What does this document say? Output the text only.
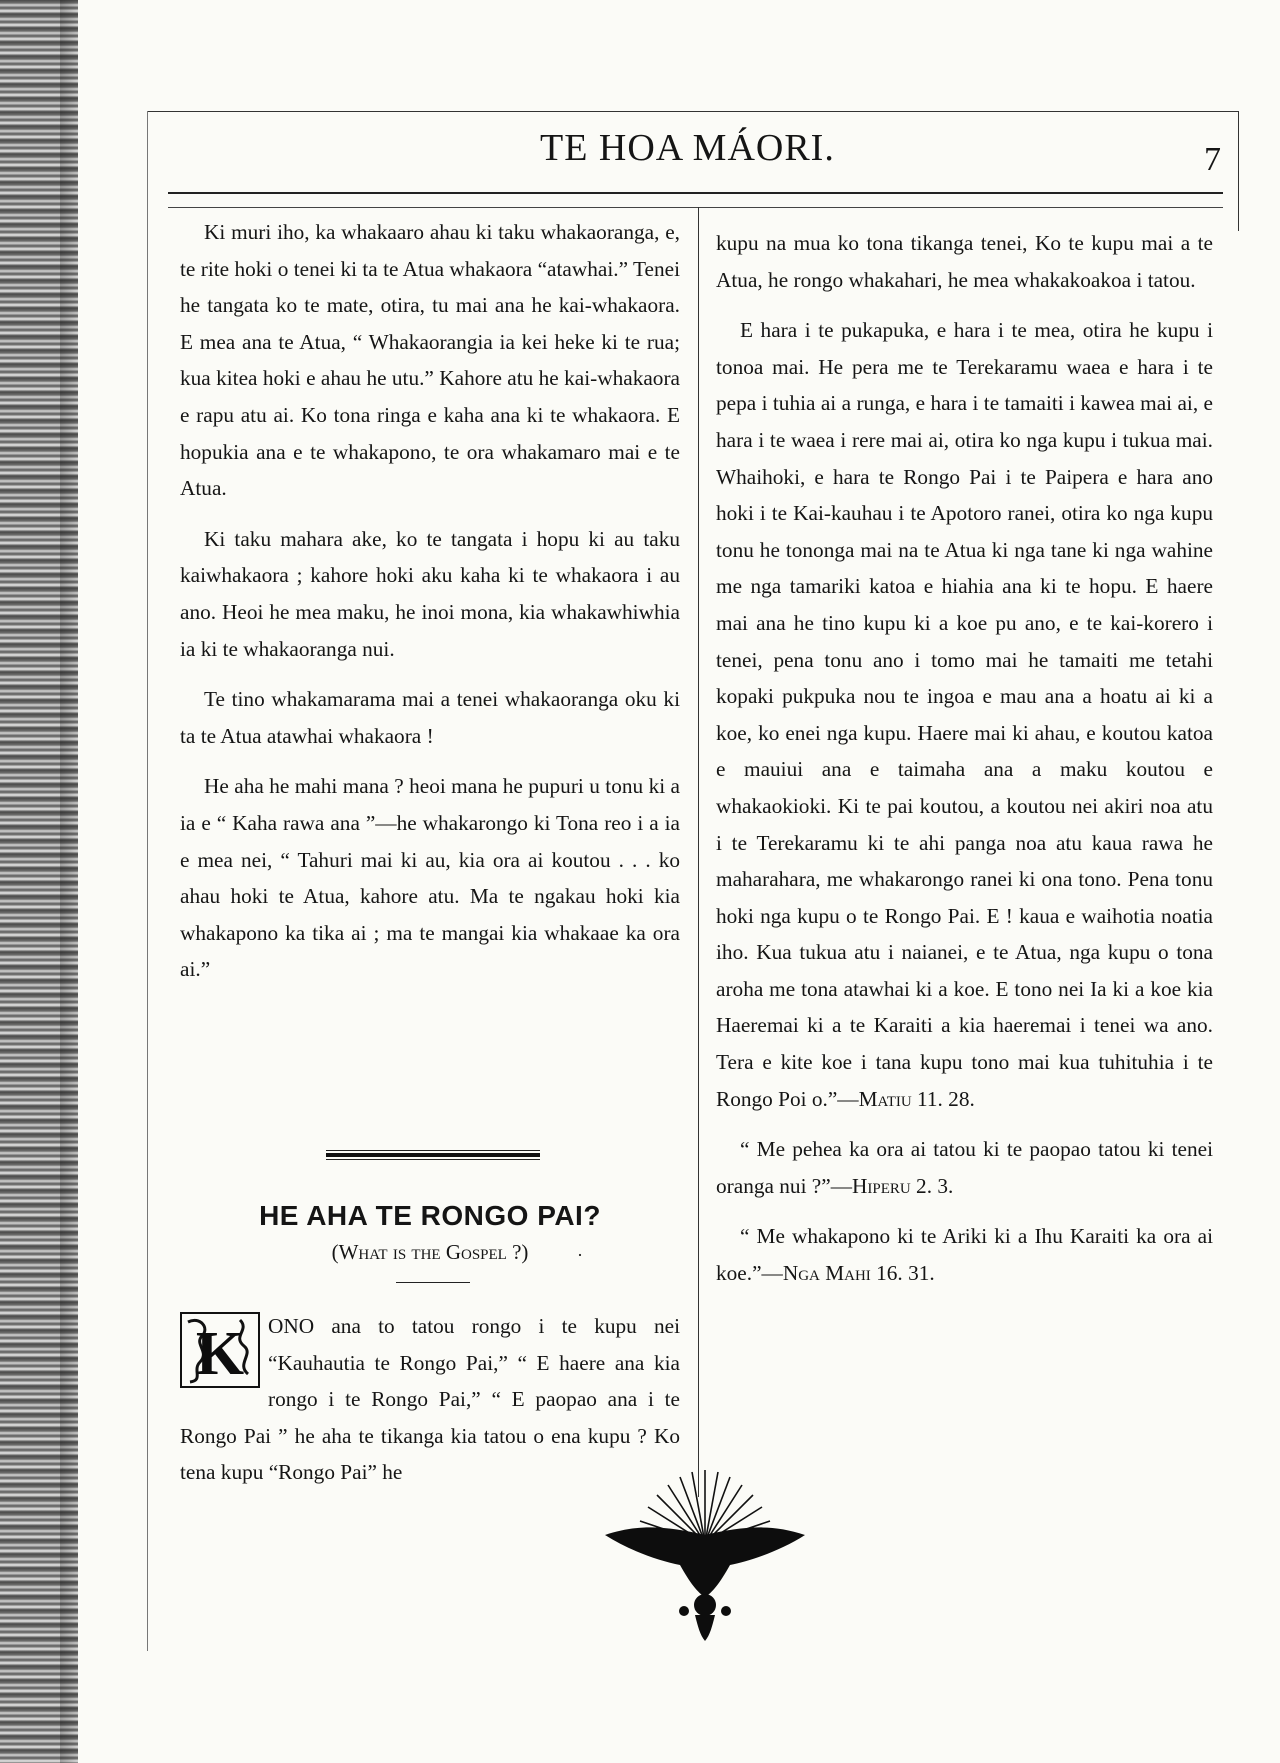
TE HOA MÁORI.	7

Ki muri iho, ka whakaaro ahau ki taku whakaoranga, e, te rite hoki o tenei ki ta te Atua whakaora “atawhai.” Tenei he tangata ko te mate, otira, tu mai ana he kai-whakaora. E mea ana te Atua, “ Whakaorangia ia kei heke ki te rua; kua kitea hoki e ahau he utu.” Kahore atu he kai-whakaora e rapu atu ai. Ko tona ringa e kaha ana ki te whakaora. E hopukia ana e te whakapono, te ora whakamaro mai e te Atua.

Ki taku mahara ake, ko te tangata i hopu ki au taku kaiwhakaora ; kahore hoki aku kaha ki te whakaora i au ano. Heoi he mea maku, he inoi mona, kia whakawhiwhia ia ki te whakaoranga nui.

Te tino whakamarama mai a tenei whakaoranga oku ki ta te Atua atawhai whakaora !

He aha he mahi mana ? heoi mana he pupuri u tonu ki a ia e “ Kaha rawa ana ”—he whakarongo ki Tona reo i a ia e mea nei, “ Tahuri mai ki au, kia ora ai koutou . . . ko ahau hoki te Atua, kahore atu. Ma te ngakau hoki kia whakapono ka tika ai ; ma te mangai kia whakaae ka ora ai.”

HE AHA TE RONGO PAI?
(What is the Gospel ?)	·
K	ONO ana to tatou rongo i te kupu nei “Kauhautia te Rongo Pai,” “ E haere ana kia rongo i te Rongo Pai,” “ E paopao ana i te Rongo Pai ” he aha te tikanga kia tatou o ena kupu ? Ko tena kupu “Rongo Pai” he

kupu na mua ko tona tikanga tenei, Ko te kupu mai a te Atua, he rongo whakahari, he mea whakakoakoa i tatou.

E hara i te pukapuka, e hara i te mea, otira he kupu i tonoa mai. He pera me te Terekaramu waea e hara i te pepa i tuhia ai a runga, e hara i te tamaiti i kawea mai ai, e hara i te waea i rere mai ai, otira ko nga kupu i tukua mai. Whaihoki, e hara te Rongo Pai i te Paipera e hara ano hoki i te Kai-kauhau i te Apotoro ranei, otira ko nga kupu tonu he tononga mai na te Atua ki nga tane ki nga wahine me nga tamariki katoa e hiahia ana ki te hopu. E haere mai ana he tino kupu ki a koe pu ano, e te kai-korero i tenei, pena tonu ano i tomo mai he tamaiti me tetahi kopaki pukpuka nou te ingoa e mau ana a hoatu ai ki a koe, ko enei nga kupu. Haere mai ki ahau, e koutou katoa e mauiui ana e taimaha ana a maku koutou e whakaokioki. Ki te pai koutou, a koutou nei akiri noa atu i te Terekaramu ki te ahi panga noa atu kaua rawa he maharahara, me whakarongo ranei ki ona tono. Pena tonu hoki nga kupu o te Rongo Pai. E ! kaua e waihotia noatia iho. Kua tukua atu i naianei, e te Atua, nga kupu o tona aroha me tona atawhai ki a koe. E tono nei Ia ki a koe kia Haeremai ki a te Karaiti a kia haeremai i tenei wa ano. Tera e kite koe i tana kupu tono mai kua tuhituhia i te Rongo Poi o.”—Matiu 11. 28.

“ Me pehea ka ora ai tatou ki te paopao tatou ki tenei oranga nui ?”—Hiperu 2. 3.

“ Me whakapono ki te Ariki ki a Ihu Karaiti ka ora ai koe.”—Nga Mahi 16. 31.
